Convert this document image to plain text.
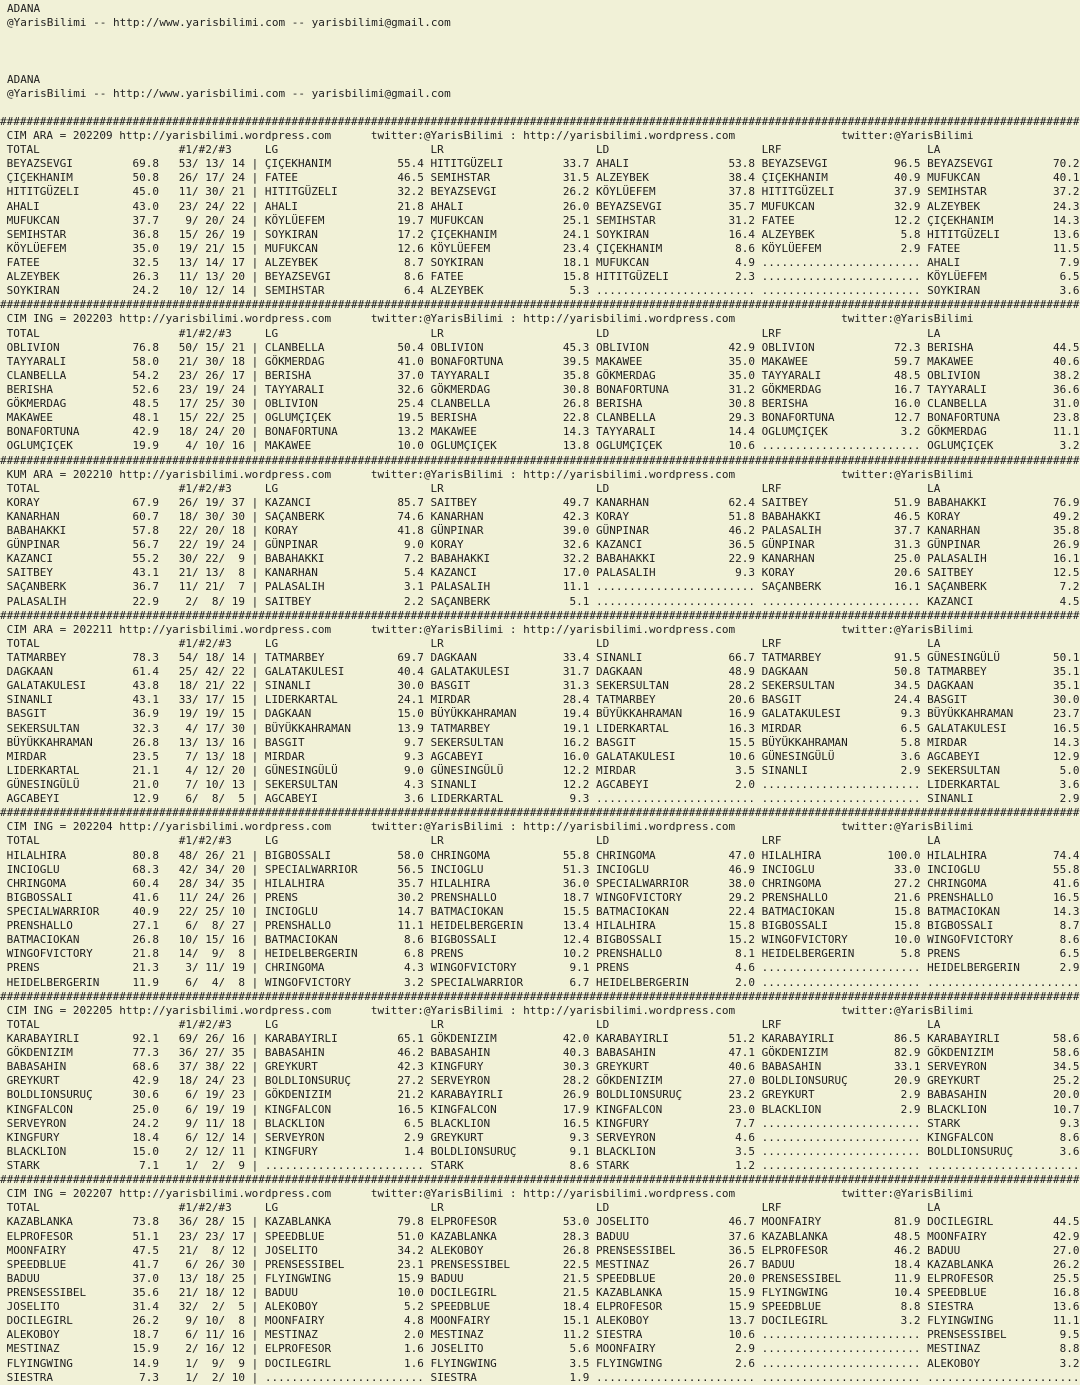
ADANA
@YarisBilimi -- http://www.yarisbilimi.com -- yarisbilimi@gmail.com
ADANA
@YarisBilimi -- http://www.yarisbilimi.com -- yarisbilimi@gmail.com
###################################################################################################################################################################
CIM ARA = 202209 http://yarisbilimi.wordpress.com      twitter:@YarisBilimi : http://yarisbilimi.wordpress.com                twitter:@YarisBilimi
TOTAL                     #1/#2/#3     LG                       LR                       LD                       LRF                      LA
BEYAZSEVGI         69.8   53/ 13/ 14 | ÇIÇEKHANIM          55.4 HITITGÜZELI         33.7 AHALI               53.8 BEYAZSEVGI          96.5 BEYAZSEVGI         70.2
ÇIÇEKHANIM         50.8   26/ 17/ 24 | FATEE               46.5 SEMIHSTAR           31.5 ALZEYBEK            38.4 ÇIÇEKHANIM          40.9 MUFUKCAN           40.1
HITITGÜZELI        45.0   11/ 30/ 21 | HITITGÜZELI         32.2 BEYAZSEVGI          26.2 KÖYLÜEFEM           37.8 HITITGÜZELI         37.9 SEMIHSTAR          37.2
AHALI              43.0   23/ 24/ 22 | AHALI               21.8 AHALI               26.0 BEYAZSEVGI          35.7 MUFUKCAN            32.9 ALZEYBEK           24.3
MUFUKCAN           37.7    9/ 20/ 24 | KÖYLÜEFEM           19.7 MUFUKCAN            25.1 SEMIHSTAR           31.2 FATEE               12.2 ÇIÇEKHANIM         14.3
SEMIHSTAR          36.8   15/ 26/ 19 | SOYKIRAN            17.2 ÇIÇEKHANIM          24.1 SOYKIRAN            16.4 ALZEYBEK             5.8 HITITGÜZELI        13.6
KÖYLÜEFEM          35.0   19/ 21/ 15 | MUFUKCAN            12.6 KÖYLÜEFEM           23.4 ÇIÇEKHANIM           8.6 KÖYLÜEFEM            2.9 FATEE              11.5
FATEE              32.5   13/ 14/ 17 | ALZEYBEK             8.7 SOYKIRAN            18.1 MUFUKCAN             4.9 ........................ AHALI               7.9
ALZEYBEK           26.3   11/ 13/ 20 | BEYAZSEVGI           8.6 FATEE               15.8 HITITGÜZELI          2.3 ........................ KÖYLÜEFEM           6.5
SOYKIRAN           24.2   10/ 12/ 14 | SEMIHSTAR            6.4 ALZEYBEK             5.3 ........................ ........................ SOYKIRAN            3.6
###################################################################################################################################################################
CIM ING = 202203 http://yarisbilimi.wordpress.com      twitter:@YarisBilimi : http://yarisbilimi.wordpress.com                twitter:@YarisBilimi
TOTAL                     #1/#2/#3     LG                       LR                       LD                       LRF                      LA
OBLIVION           76.8   50/ 15/ 21 | CLANBELLA           50.4 OBLIVION            45.3 OBLIVION            42.9 OBLIVION            72.3 BERISHA            44.5
TAYYARALI          58.0   21/ 30/ 18 | GÖKMERDAG           41.0 BONAFORTUNA         39.5 MAKAWEE             35.0 MAKAWEE             59.7 MAKAWEE            40.6
CLANBELLA          54.2   23/ 26/ 17 | BERISHA             37.0 TAYYARALI           35.8 GÖKMERDAG           35.0 TAYYARALI           48.5 OBLIVION           38.2
BERISHA            52.6   23/ 19/ 24 | TAYYARALI           32.6 GÖKMERDAG           30.8 BONAFORTUNA         31.2 GÖKMERDAG           16.7 TAYYARALI          36.6
GÖKMERDAG          48.5   17/ 25/ 30 | OBLIVION            25.4 CLANBELLA           26.8 BERISHA             30.8 BERISHA             16.0 CLANBELLA          31.0
MAKAWEE            48.1   15/ 22/ 25 | OGLUMÇIÇEK          19.5 BERISHA             22.8 CLANBELLA           29.3 BONAFORTUNA         12.7 BONAFORTUNA        23.8
BONAFORTUNA        42.9   18/ 24/ 20 | BONAFORTUNA         13.2 MAKAWEE             14.3 TAYYARALI           14.4 OGLUMÇIÇEK           3.2 GÖKMERDAG          11.1
OGLUMÇIÇEK         19.9    4/ 10/ 16 | MAKAWEE             10.0 OGLUMÇIÇEK          13.8 OGLUMÇIÇEK          10.6 ........................ OGLUMÇIÇEK          3.2
###################################################################################################################################################################
KUM ARA = 202210 http://yarisbilimi.wordpress.com      twitter:@YarisBilimi : http://yarisbilimi.wordpress.com                twitter:@YarisBilimi
TOTAL                     #1/#2/#3     LG                       LR                       LD                       LRF                      LA
KORAY              67.9   26/ 19/ 37 | KAZANCI             85.7 SAITBEY             49.7 KANARHAN            62.4 SAITBEY             51.9 BABAHAKKI          76.9
KANARHAN           60.7   18/ 30/ 30 | SAÇANBERK           74.6 KANARHAN            42.3 KORAY               51.8 BABAHAKKI           46.5 KORAY              49.2
BABAHAKKI          57.8   22/ 20/ 18 | KORAY               41.8 GÜNPINAR            39.0 GÜNPINAR            46.2 PALASALIH           37.7 KANARHAN           35.8
GÜNPINAR           56.7   22/ 19/ 24 | GÜNPINAR             9.0 KORAY               32.6 KAZANCI             36.5 GÜNPINAR            31.3 GÜNPINAR           26.9
KAZANCI            55.2   30/ 22/  9 | BABAHAKKI            7.2 BABAHAKKI           32.2 BABAHAKKI           22.9 KANARHAN            25.0 PALASALIH          16.1
SAITBEY            43.1   21/ 13/  8 | KANARHAN             5.4 KAZANCI             17.0 PALASALIH            9.3 KORAY               20.6 SAITBEY            12.5
SAÇANBERK          36.7   11/ 21/  7 | PALASALIH            3.1 PALASALIH           11.1 ........................ SAÇANBERK           16.1 SAÇANBERK           7.2
PALASALIH          22.9    2/  8/ 19 | SAITBEY              2.2 SAÇANBERK            5.1 ........................ ........................ KAZANCI             4.5
###################################################################################################################################################################
CIM ARA = 202211 http://yarisbilimi.wordpress.com      twitter:@YarisBilimi : http://yarisbilimi.wordpress.com                twitter:@YarisBilimi
TOTAL                     #1/#2/#3     LG                       LR                       LD                       LRF                      LA
TATMARBEY          78.3   54/ 18/ 14 | TATMARBEY           69.7 DAGKAAN             33.4 SINANLI             66.7 TATMARBEY           91.5 GÜNESINGÜLÜ        50.1
DAGKAAN            61.4   25/ 42/ 22 | GALATAKULESI        40.4 GALATAKULESI        31.7 DAGKAAN             48.9 DAGKAAN             50.8 TATMARBEY          35.1
GALATAKULESI       43.8   18/ 21/ 22 | SINANLI             30.0 BASGIT              31.3 SEKERSULTAN         28.2 SEKERSULTAN         34.5 DAGKAAN            35.1
SINANLI            43.1   33/ 17/ 15 | LIDERKARTAL         24.1 MIRDAR              28.4 TATMARBEY           20.6 BASGIT              24.4 BASGIT             30.0
BASGIT             36.9   19/ 19/ 15 | DAGKAAN             15.0 BÜYÜKKAHRAMAN       19.4 BÜYÜKKAHRAMAN       16.9 GALATAKULESI         9.3 BÜYÜKKAHRAMAN      23.7
SEKERSULTAN        32.3    4/ 17/ 30 | BÜYÜKKAHRAMAN       13.9 TATMARBEY           19.1 LIDERKARTAL         16.3 MIRDAR               6.5 GALATAKULESI       16.5
BÜYÜKKAHRAMAN      26.8   13/ 13/ 16 | BASGIT               9.7 SEKERSULTAN         16.2 BASGIT              15.5 BÜYÜKKAHRAMAN        5.8 MIRDAR             14.3
MIRDAR             23.5    7/ 13/ 18 | MIRDAR               9.3 AGCABEYI            16.0 GALATAKULESI        10.6 GÜNESINGÜLÜ          3.6 AGCABEYI           12.9
LIDERKARTAL        21.1    4/ 12/ 20 | GÜNESINGÜLÜ          9.0 GÜNESINGÜLÜ         12.2 MIRDAR               3.5 SINANLI              2.9 SEKERSULTAN         5.0
GÜNESINGÜLÜ        21.0    7/ 10/ 13 | SEKERSULTAN          4.3 SINANLI             12.2 AGCABEYI             2.0 ........................ LIDERKARTAL         3.6
AGCABEYI           12.9    6/  8/  5 | AGCABEYI             3.6 LIDERKARTAL          9.3 ........................ ........................ SINANLI             2.9
###################################################################################################################################################################
CIM ING = 202204 http://yarisbilimi.wordpress.com      twitter:@YarisBilimi : http://yarisbilimi.wordpress.com                twitter:@YarisBilimi
TOTAL                     #1/#2/#3     LG                       LR                       LD                       LRF                      LA
HILALHIRA          80.8   48/ 26/ 21 | BIGBOSSALI          58.0 CHRINGOMA           55.8 CHRINGOMA           47.0 HILALHIRA          100.0 HILALHIRA          74.4
INCIOGLU           68.3   42/ 34/ 20 | SPECIALWARRIOR      56.5 INCIOGLU            51.3 INCIOGLU            46.9 INCIOGLU            33.0 INCIOGLU           55.8
CHRINGOMA          60.4   28/ 34/ 35 | HILALHIRA           35.7 HILALHIRA           36.0 SPECIALWARRIOR      38.0 CHRINGOMA           27.2 CHRINGOMA          41.6
BIGBOSSALI         41.6   11/ 24/ 26 | PRENS               30.2 PRENSHALLO          18.7 WINGOFVICTORY       29.2 PRENSHALLO          21.6 PRENSHALLO         16.5
SPECIALWARRIOR     40.9   22/ 25/ 10 | INCIOGLU            14.7 BATMACIOKAN         15.5 BATMACIOKAN         22.4 BATMACIOKAN         15.8 BATMACIOKAN        14.3
PRENSHALLO         27.1    6/  8/ 27 | PRENSHALLO          11.1 HEIDELBERGERIN      13.4 HILALHIRA           15.8 BIGBOSSALI          15.8 BIGBOSSALI          8.7
BATMACIOKAN        26.8   10/ 15/ 16 | BATMACIOKAN          8.6 BIGBOSSALI          12.4 BIGBOSSALI          15.2 WINGOFVICTORY       10.0 WINGOFVICTORY       8.6
WINGOFVICTORY      21.8   14/  9/  8 | HEIDELBERGERIN       6.8 PRENS               10.2 PRENSHALLO           8.1 HEIDELBERGERIN       5.8 PRENS               6.5
PRENS              21.3    3/ 11/ 19 | CHRINGOMA            4.3 WINGOFVICTORY        9.1 PRENS                4.6 ........................ HEIDELBERGERIN      2.9
HEIDELBERGERIN     11.9    6/  4/  8 | WINGOFVICTORY        3.2 SPECIALWARRIOR       6.7 HEIDELBERGERIN       2.0 ........................ .......................
###################################################################################################################################################################
CIM ING = 202205 http://yarisbilimi.wordpress.com      twitter:@YarisBilimi : http://yarisbilimi.wordpress.com                twitter:@YarisBilimi
TOTAL                     #1/#2/#3     LG                       LR                       LD                       LRF                      LA
KARABAYIRLI        92.1   69/ 26/ 16 | KARABAYIRLI         65.1 GÖKDENIZIM          42.0 KARABAYIRLI         51.2 KARABAYIRLI         86.5 KARABAYIRLI        58.6
GÖKDENIZIM         77.3   36/ 27/ 35 | BABASAHIN           46.2 BABASAHIN           40.3 BABASAHIN           47.1 GÖKDENIZIM          82.9 GÖKDENIZIM         58.6
BABASAHIN          68.6   37/ 38/ 22 | GREYKURT            42.3 KINGFURY            30.3 GREYKURT            40.6 BABASAHIN           33.1 SERVEYRON          34.5
GREYKURT           42.9   18/ 24/ 23 | BOLDLIONSURUÇ       27.2 SERVEYRON           28.2 GÖKDENIZIM          27.0 BOLDLIONSURUÇ       20.9 GREYKURT           25.2
BOLDLIONSURUÇ      30.6    6/ 19/ 23 | GÖKDENIZIM          21.2 KARABAYIRLI         26.9 BOLDLIONSURUÇ       23.2 GREYKURT             2.9 BABASAHIN          20.0
KINGFALCON         25.0    6/ 19/ 19 | KINGFALCON          16.5 KINGFALCON          17.9 KINGFALCON          23.0 BLACKLION            2.9 BLACKLION          10.7
SERVEYRON          24.2    9/ 11/ 18 | BLACKLION            6.5 BLACKLION           16.5 KINGFURY             7.7 ........................ STARK               9.3
KINGFURY           18.4    6/ 12/ 14 | SERVEYRON            2.9 GREYKURT             9.3 SERVEYRON            4.6 ........................ KINGFALCON          8.6
BLACKLION          15.0    2/ 12/ 11 | KINGFURY             1.4 BOLDLIONSURUÇ        9.1 BLACKLION            3.5 ........................ BOLDLIONSURUÇ       3.6
STARK               7.1    1/  2/  9 | ........................ STARK                8.6 STARK                1.2 ........................ .......................
###################################################################################################################################################################
CIM ING = 202207 http://yarisbilimi.wordpress.com      twitter:@YarisBilimi : http://yarisbilimi.wordpress.com                twitter:@YarisBilimi
TOTAL                     #1/#2/#3     LG                       LR                       LD                       LRF                      LA
KAZABLANKA         73.8   36/ 28/ 15 | KAZABLANKA          79.8 ELPROFESOR          53.0 JOSELITO            46.7 MOONFAIRY           81.9 DOCILEGIRL         44.5
ELPROFESOR         51.1   23/ 23/ 17 | SPEEDBLUE           51.0 KAZABLANKA          28.3 BADUU               37.6 KAZABLANKA          48.5 MOONFAIRY          42.9
MOONFAIRY          47.5   21/  8/ 12 | JOSELITO            34.2 ALEKOBOY            26.8 PRENSESSIBEL        36.5 ELPROFESOR          46.2 BADUU              27.0
SPEEDBLUE          41.7    6/ 26/ 30 | PRENSESSIBEL        23.1 PRENSESSIBEL        22.5 MESTINAZ            26.7 BADUU               18.4 KAZABLANKA         26.2
BADUU              37.0   13/ 18/ 25 | FLYINGWING          15.9 BADUU               21.5 SPEEDBLUE           20.0 PRENSESSIBEL        11.9 ELPROFESOR         25.5
PRENSESSIBEL       35.6   21/ 18/ 12 | BADUU               10.0 DOCILEGIRL          21.5 KAZABLANKA          15.9 FLYINGWING          10.4 SPEEDBLUE          16.8
JOSELITO           31.4   32/  2/  5 | ALEKOBOY             5.2 SPEEDBLUE           18.4 ELPROFESOR          15.9 SPEEDBLUE            8.8 SIESTRA            13.6
DOCILEGIRL         26.2    9/ 10/  8 | MOONFAIRY            4.8 MOONFAIRY           15.1 ALEKOBOY            13.7 DOCILEGIRL           3.2 FLYINGWING         11.1
ALEKOBOY           18.7    6/ 11/ 16 | MESTINAZ             2.0 MESTINAZ            11.2 SIESTRA             10.6 ........................ PRENSESSIBEL        9.5
MESTINAZ           15.9    2/ 16/ 12 | ELPROFESOR           1.6 JOSELITO             5.6 MOONFAIRY            2.9 ........................ MESTINAZ            8.8
FLYINGWING         14.9    1/  9/  9 | DOCILEGIRL           1.6 FLYINGWING           3.5 FLYINGWING           2.6 ........................ ALEKOBOY            3.2
SIESTRA             7.3    1/  2/ 10 | ........................ SIESTRA              1.9 ........................ ........................ .......................
